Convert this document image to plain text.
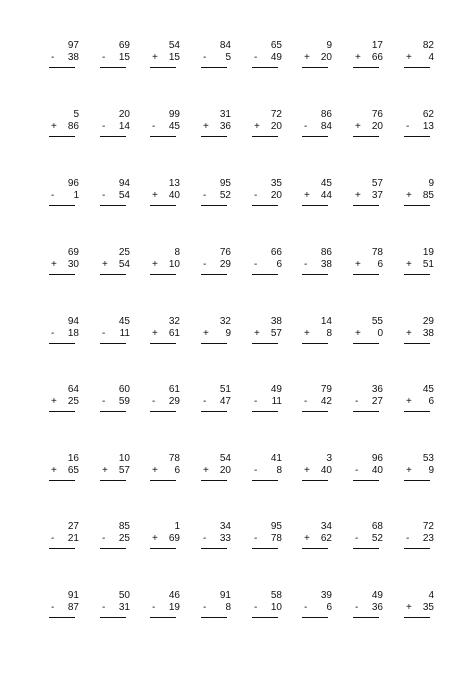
97
- 38
69
- 15
54
+ 15
84
- 5
65
- 49
9
+ 20
17
+ 66
82
+ 4
5
+ 86
20
- 14
99
- 45
31
+ 36
72
+ 20
86
- 84
76
+ 20
62
- 13
96
- 1
94
- 54
13
+ 40
95
- 52
35
- 20
45
+ 44
57
+ 37
9
+ 85
69
+ 30
25
+ 54
8
+ 10
76
- 29
66
- 6
86
- 38
78
+ 6
19
+ 51
94
- 18
45
- 11
32
+ 61
32
+ 9
38
+ 57
14
+ 8
55
+ 0
29
+ 38
64
+ 25
60
- 59
61
- 29
51
- 47
49
- 11
79
- 42
36
- 27
45
+ 6
16
+ 65
10
+ 57
78
+ 6
54
+ 20
41
- 8
3
+ 40
96
- 40
53
+ 9
27
- 21
85
- 25
1
+ 69
34
- 33
95
- 78
34
+ 62
68
- 52
72
- 23
91
- 87
50
- 31
46
- 19
91
- 8
58
- 10
39
- 6
49
- 36
4
+ 35
